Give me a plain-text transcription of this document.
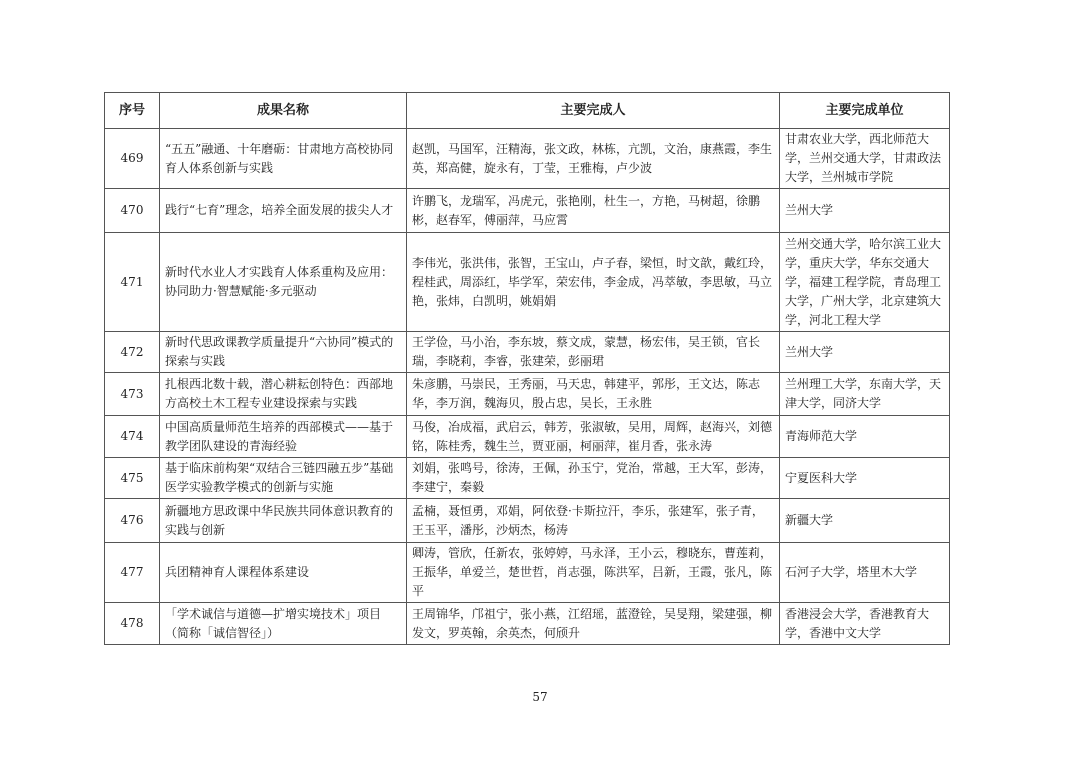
序号	成果名称	主要完成人	主要完成单位
469	“五五”融通、十年磨砺：甘肃地方高校协同育人体系创新与实践	赵凯，马国军，汪精海，张文政，林栋，亢凯，文治，康燕霞，李生英，郑高健，旋永有，丁莹，王雅梅，卢少波	甘肃农业大学，西北师范大学，兰州交通大学，甘肃政法大学，兰州城市学院
470	践行“七育”理念，培养全面发展的拔尖人才	许鹏飞，龙瑞军，冯虎元，张艳刚，杜生一，方艳，马树超，徐鹏彬，赵春军，傅丽萍，马应霄	兰州大学
471	新时代水业人才实践育人体系重构及应用：协同助力·智慧赋能·多元驱动	李伟光，张洪伟，张智，王宝山，卢子春，梁恒，时文歆，戴红玲，程桂武，周添红，毕学军，荣宏伟，李金成，冯萃敏，李思敏，马立艳，张炜，白凯明，姚娟娟	兰州交通大学，哈尔滨工业大学，重庆大学，华东交通大学，福建工程学院，青岛理工大学，广州大学，北京建筑大学，河北工程大学
472	新时代思政课教学质量提升“六协同”模式的探索与实践	王学俭，马小治，李东坡，蔡文成，蒙慧，杨宏伟，吴王锁，官长瑞，李晓莉，李睿，张建荣，彭丽珺	兰州大学
473	扎根西北数十载，潜心耕耘创特色：西部地方高校土木工程专业建设探索与实践	朱彦鹏，马崇民，王秀丽，马天忠，韩建平，郭彤，王文达，陈志华，李万润，魏海贝，殷占忠，吴长，王永胜	兰州理工大学，东南大学，天津大学，同济大学
474	中国高质量师范生培养的西部模式——基于教学团队建设的青海经验	马俊，冶成福，武启云，韩芳，张淑敏，吴用，周辉，赵海兴，刘德铭，陈桂秀，魏生兰，贾亚丽，柯丽萍，崔月香，张永涛	青海师范大学
475	基于临床前构架“双结合三链四融五步”基础医学实验教学模式的创新与实施	刘娟，张鸣号，徐涛，王佩，孙玉宁，党治，常越，王大军，彭涛，李建宁，秦毅	宁夏医科大学
476	新疆地方思政课中华民族共同体意识教育的实践与创新	孟楠，聂恒勇，邓娟，阿依登·卡斯拉汗，李乐，张建军，张子青，王玉平，潘彤，沙炳杰，杨涛	新疆大学
477	兵团精神育人课程体系建设	卿涛，管欣，任新农，张婷婷，马永泽，王小云，穆晓东，曹莲莉，王振华，单爱兰，楚世哲，肖志强，陈洪军，吕新，王霞，张凡，陈平	石河子大学，塔里木大学
478	「学术诚信与道德—扩增实境技术」项目（简称「诚信智径」）	王周锦华，邝祖宁，张小燕，江绍瑶，蓝澄铨，吴旻翔，梁建强，柳发文，罗英翰，余英杰，何颀升	香港浸会大学，香港教育大学，香港中文大学
57
